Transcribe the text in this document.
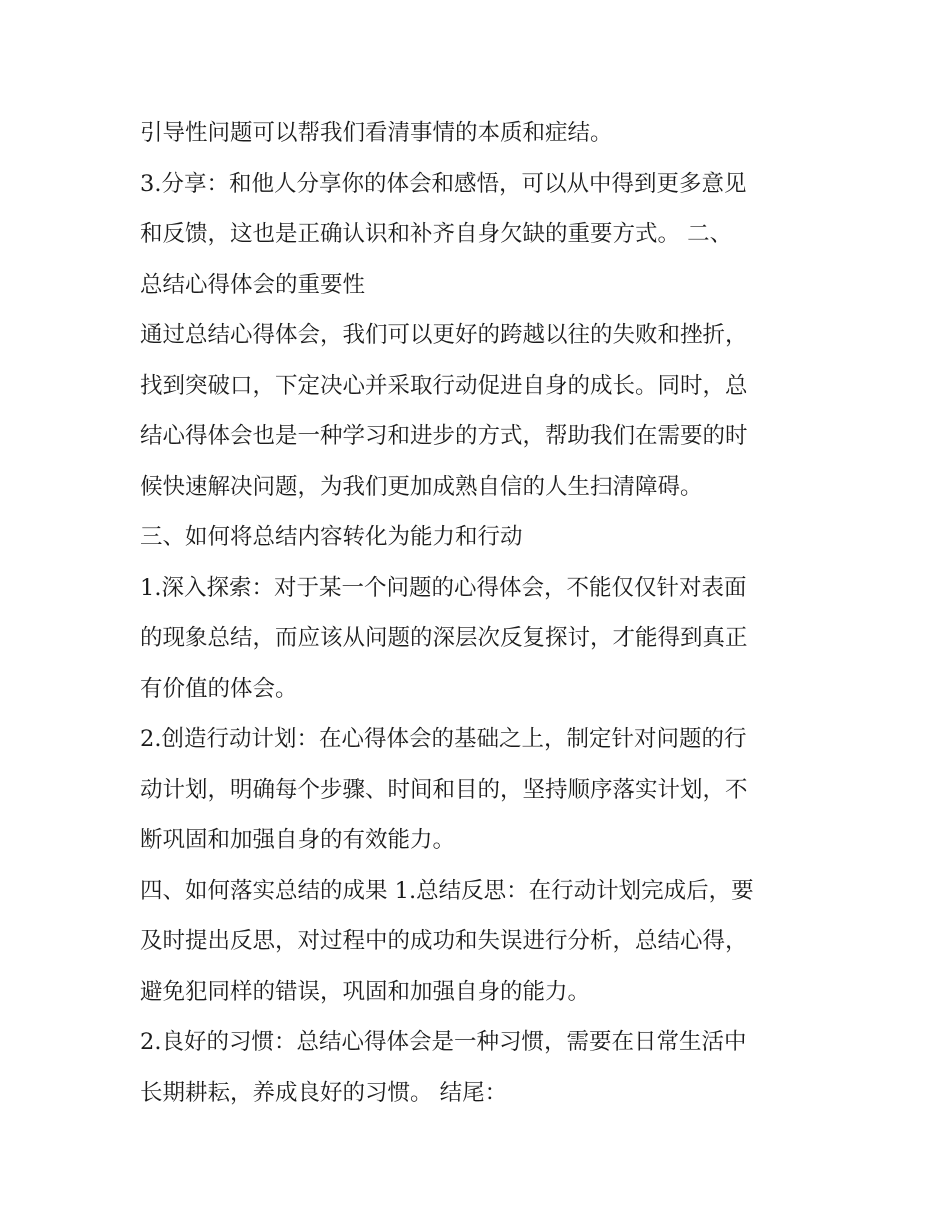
引导性问题可以帮我们看清事情的本质和症结。
3.分享：和他人分享你的体会和感悟，可以从中得到更多意见
和反馈，这也是正确认识和补齐自身欠缺的重要方式。 二、
总结心得体会的重要性
通过总结心得体会，我们可以更好的跨越以往的失败和挫折，
找到突破口，下定决心并采取行动促进自身的成长。同时，总
结心得体会也是一种学习和进步的方式，帮助我们在需要的时
候快速解决问题，为我们更加成熟自信的人生扫清障碍。
三、如何将总结内容转化为能力和行动
1.深入探索：对于某一个问题的心得体会，不能仅仅针对表面
的现象总结，而应该从问题的深层次反复探讨，才能得到真正
有价值的体会。
2.创造行动计划：在心得体会的基础之上，制定针对问题的行
动计划，明确每个步骤、时间和目的，坚持顺序落实计划，不
断巩固和加强自身的有效能力。
四、如何落实总结的成果 1.总结反思：在行动计划完成后，要
及时提出反思，对过程中的成功和失误进行分析，总结心得，
避免犯同样的错误，巩固和加强自身的能力。
2.良好的习惯：总结心得体会是一种习惯，需要在日常生活中
长期耕耘，养成良好的习惯。 结尾：
